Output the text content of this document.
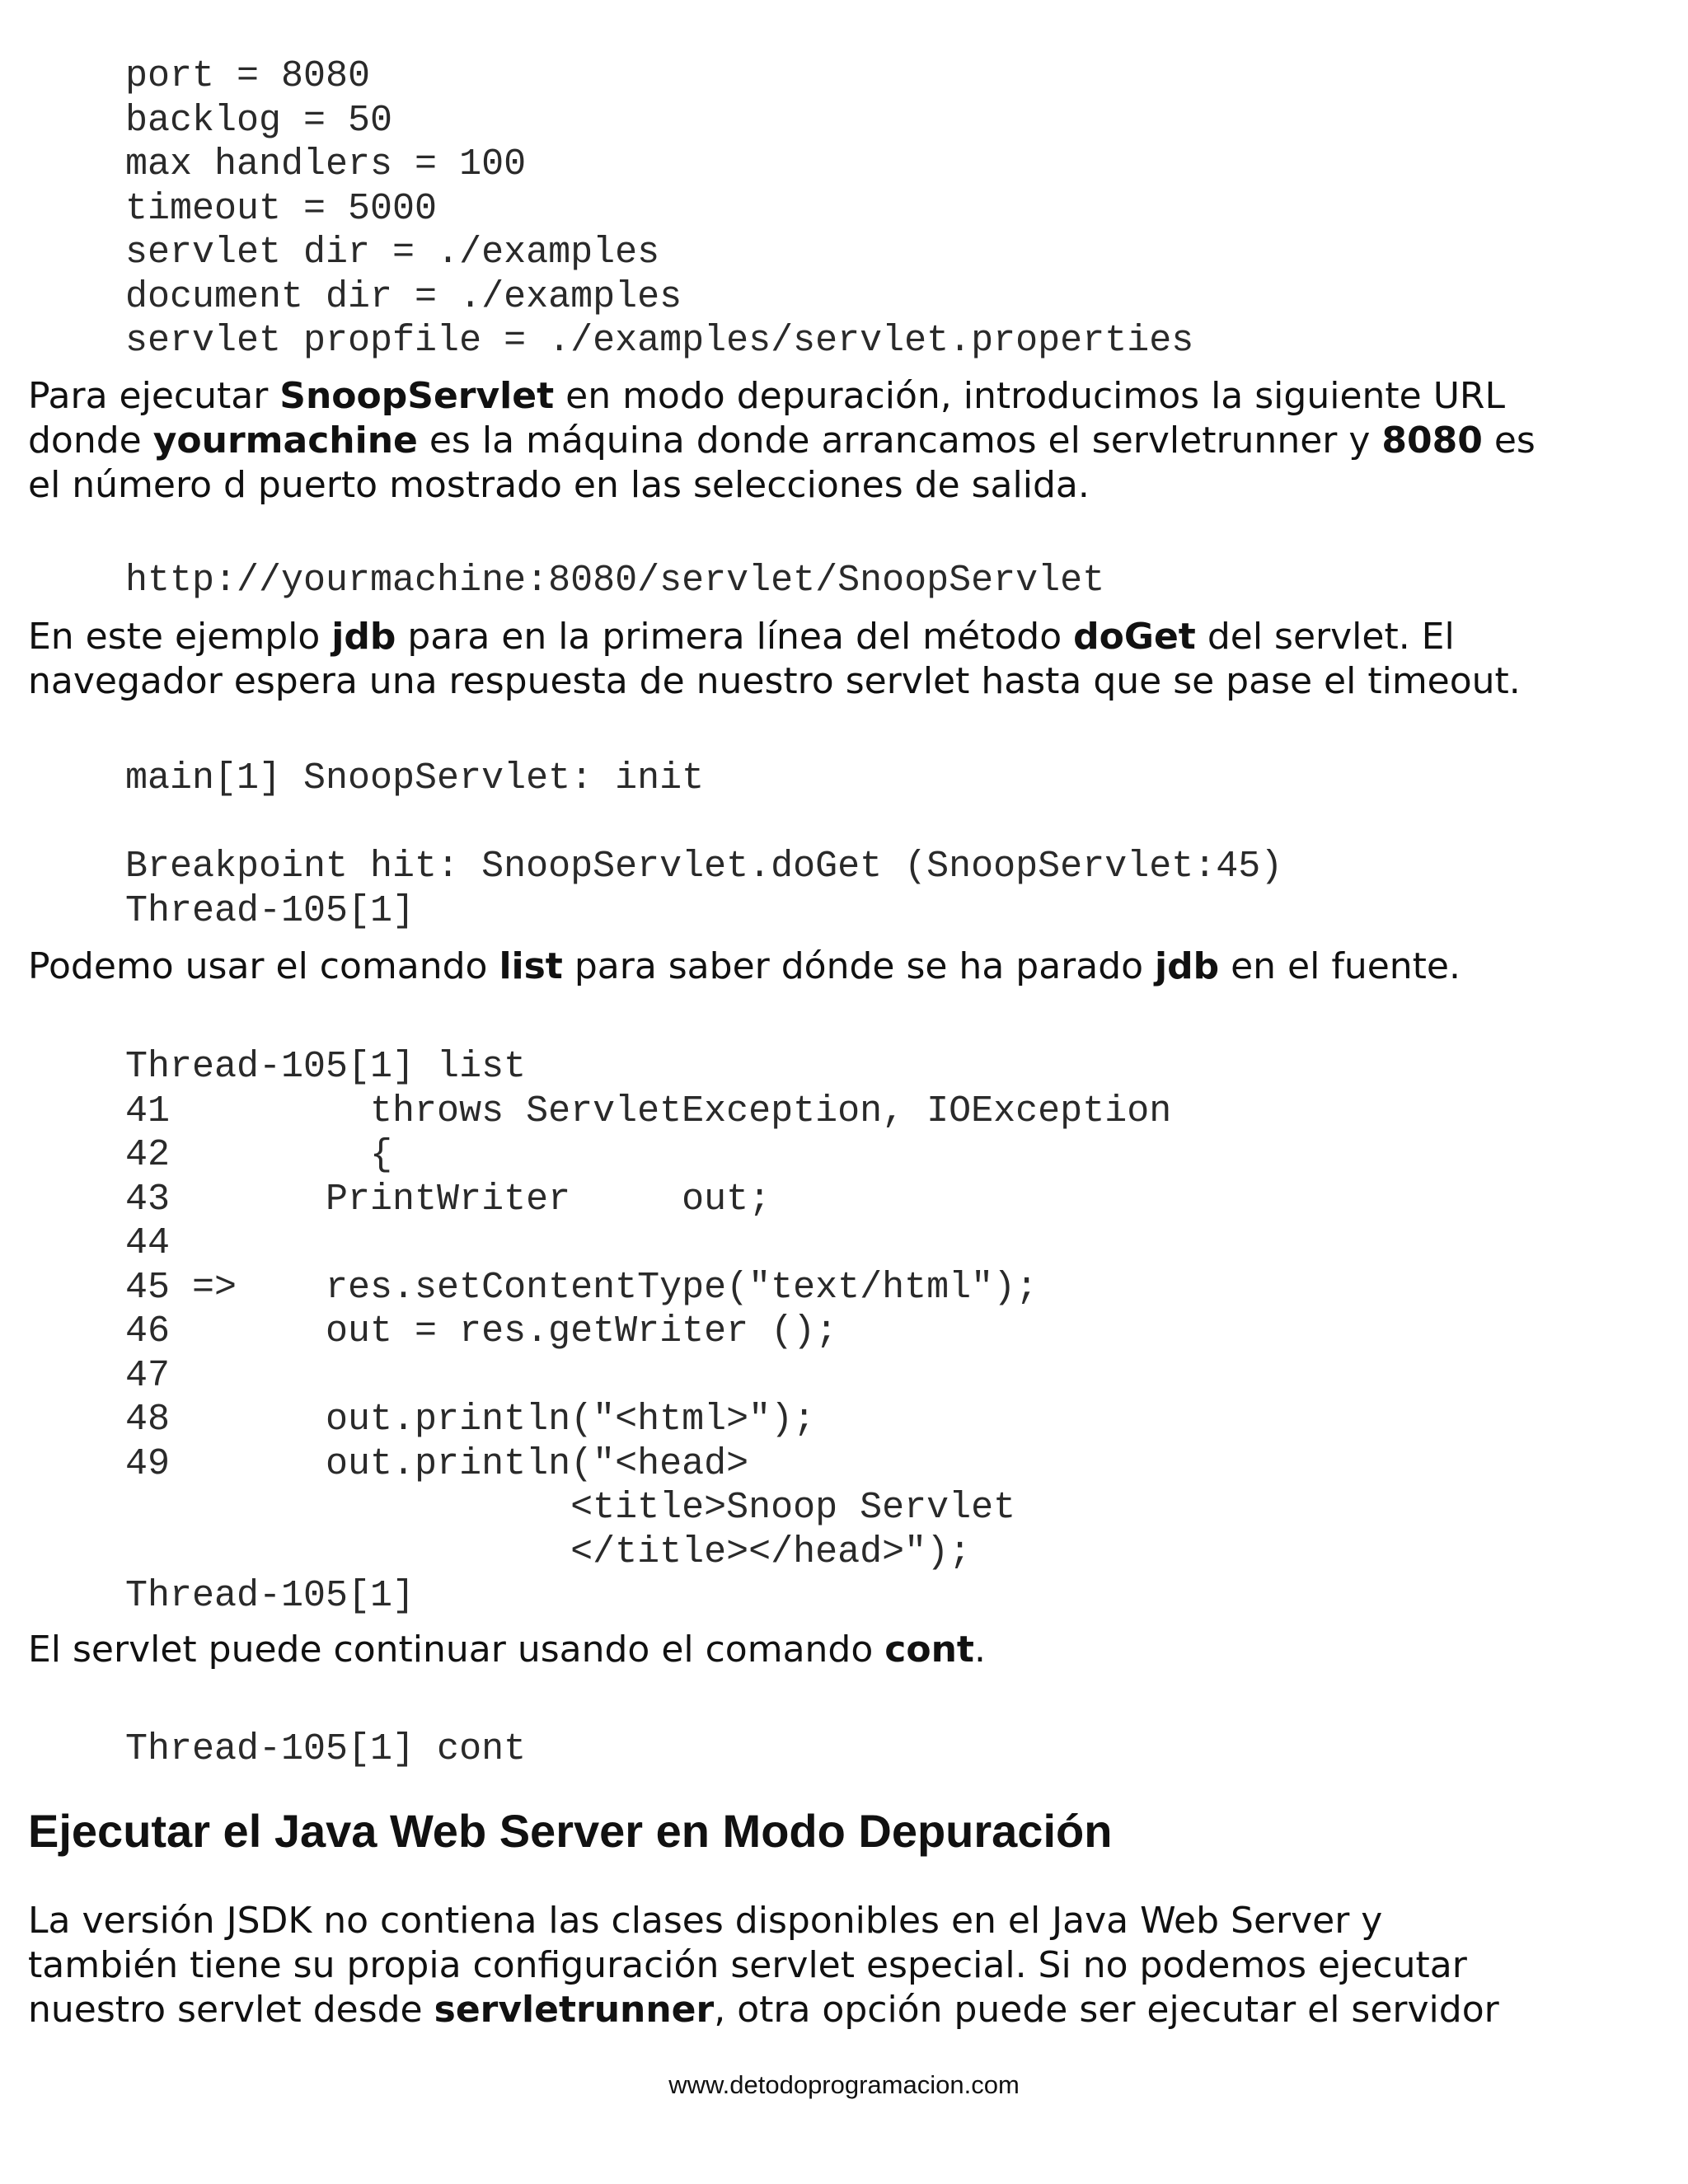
port = 8080
backlog = 50
max handlers = 100
timeout = 5000
servlet dir = ./examples
document dir = ./examples
servlet propfile = ./examples/servlet.properties

Para ejecutar SnoopServlet en modo depuración, introducimos la siguiente URL
donde yourmachine es la máquina donde arrancamos el servletrunner y 8080 es
el número d puerto mostrado en las selecciones de salida.

http://yourmachine:8080/servlet/SnoopServlet

En este ejemplo jdb para en la primera línea del método doGet del servlet. El
navegador espera una respuesta de nuestro servlet hasta que se pase el timeout.

main[1] SnoopServlet: init

Breakpoint hit: SnoopServlet.doGet (SnoopServlet:45)
Thread-105[1]

Podemo usar el comando list para saber dónde se ha parado jdb en el fuente.

Thread-105[1] list
41         throws ServletException, IOException
42         {
43       PrintWriter     out;
44
45 =>    res.setContentType("text/html");
46       out = res.getWriter ();
47
48       out.println("<html>");
49       out.println("<head>
<title>Snoop Servlet
</title></head>");
Thread-105[1]

El servlet puede continuar usando el comando cont.

Thread-105[1] cont
Ejecutar el Java Web Server en Modo Depuración

La versión JSDK no contiena las clases disponibles en el Java Web Server y
también tiene su propia configuración servlet especial. Si no podemos ejecutar
nuestro servlet desde servletrunner, otra opción puede ser ejecutar el servidor

www.detodoprogramacion.com
